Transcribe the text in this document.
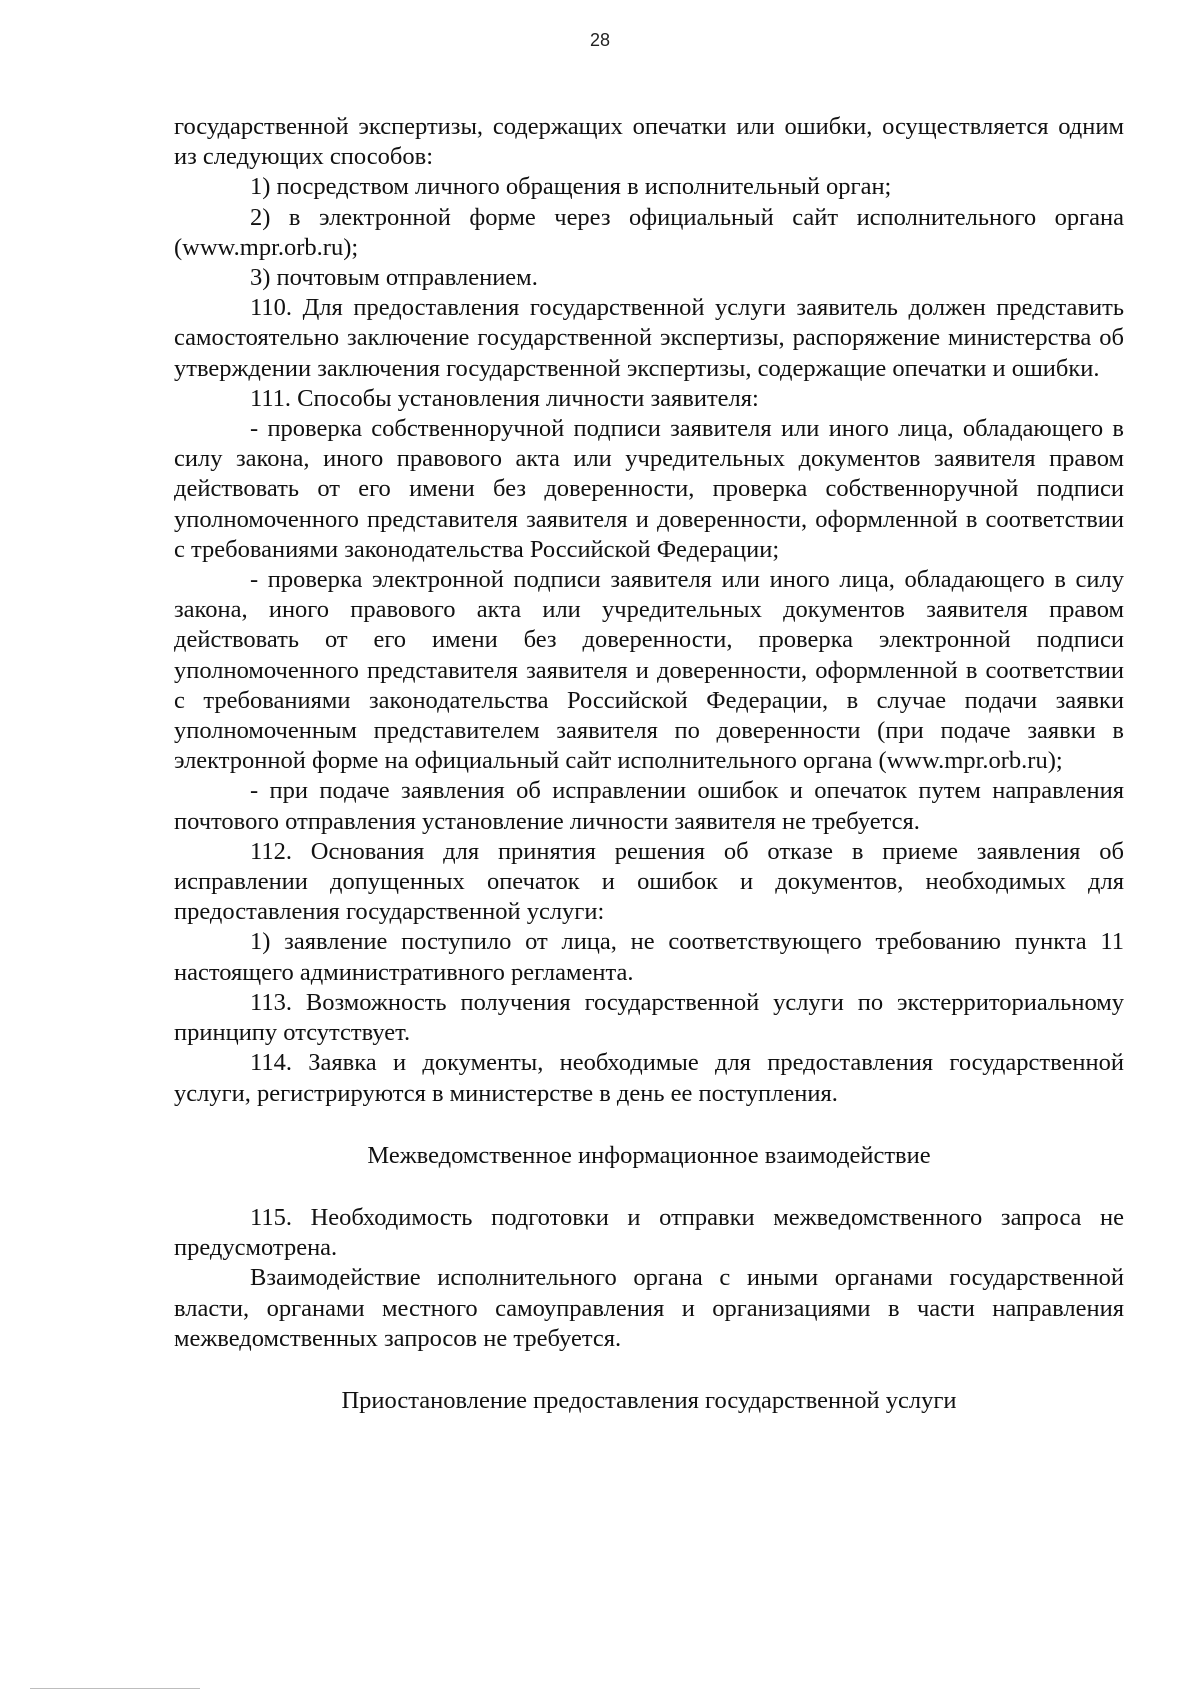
28

государственной экспертизы, содержащих опечатки или ошибки, осуществляется одним из следующих способов:

1) посредством личного обращения в исполнительный орган;

2) в электронной форме через официальный сайт исполнительного органа (www.mpr.orb.ru);

3) почтовым отправлением.

110. Для предоставления государственной услуги заявитель должен представить самостоятельно заключение государственной экспертизы, распоряжение министерства об утверждении заключения государственной экспертизы, содержащие опечатки и ошибки.

111. Способы установления личности заявителя:

- проверка собственноручной подписи заявителя или иного лица, обладающего в силу закона, иного правового акта или учредительных документов заявителя правом действовать от его имени без доверенности, проверка собственноручной подписи уполномоченного представителя заявителя и доверенности, оформленной в соответствии с требованиями законодательства Российской Федерации;

- проверка электронной подписи заявителя или иного лица, обладающего в силу закона, иного правового акта или учредительных документов заявителя правом действовать от его имени без доверенности, проверка электронной подписи уполномоченного представителя заявителя и доверенности, оформленной в соответствии с требованиями законодательства Российской Федерации, в случае подачи заявки уполномоченным представителем заявителя по доверенности (при подаче заявки в электронной форме на официальный сайт исполнительного органа (www.mpr.orb.ru);

- при подаче заявления об исправлении ошибок и опечаток путем направления почтового отправления установление личности заявителя не требуется.

112. Основания для принятия решения об отказе в приеме заявления об исправлении допущенных опечаток и ошибок и документов, необходимых для предоставления государственной услуги:

1) заявление поступило от лица, не соответствующего требованию пункта 11 настоящего административного регламента.

113. Возможность получения государственной услуги по экстерриториальному принципу отсутствует.

114. Заявка и документы, необходимые для предоставления государственной услуги, регистрируются в министерстве в день ее поступления.

Межведомственное информационное взаимодействие

115. Необходимость подготовки и отправки межведомственного запроса не предусмотрена.

Взаимодействие исполнительного органа с иными органами государственной власти, органами местного самоуправления и организациями в части направления межведомственных запросов не требуется.

Приостановление предоставления государственной услуги
